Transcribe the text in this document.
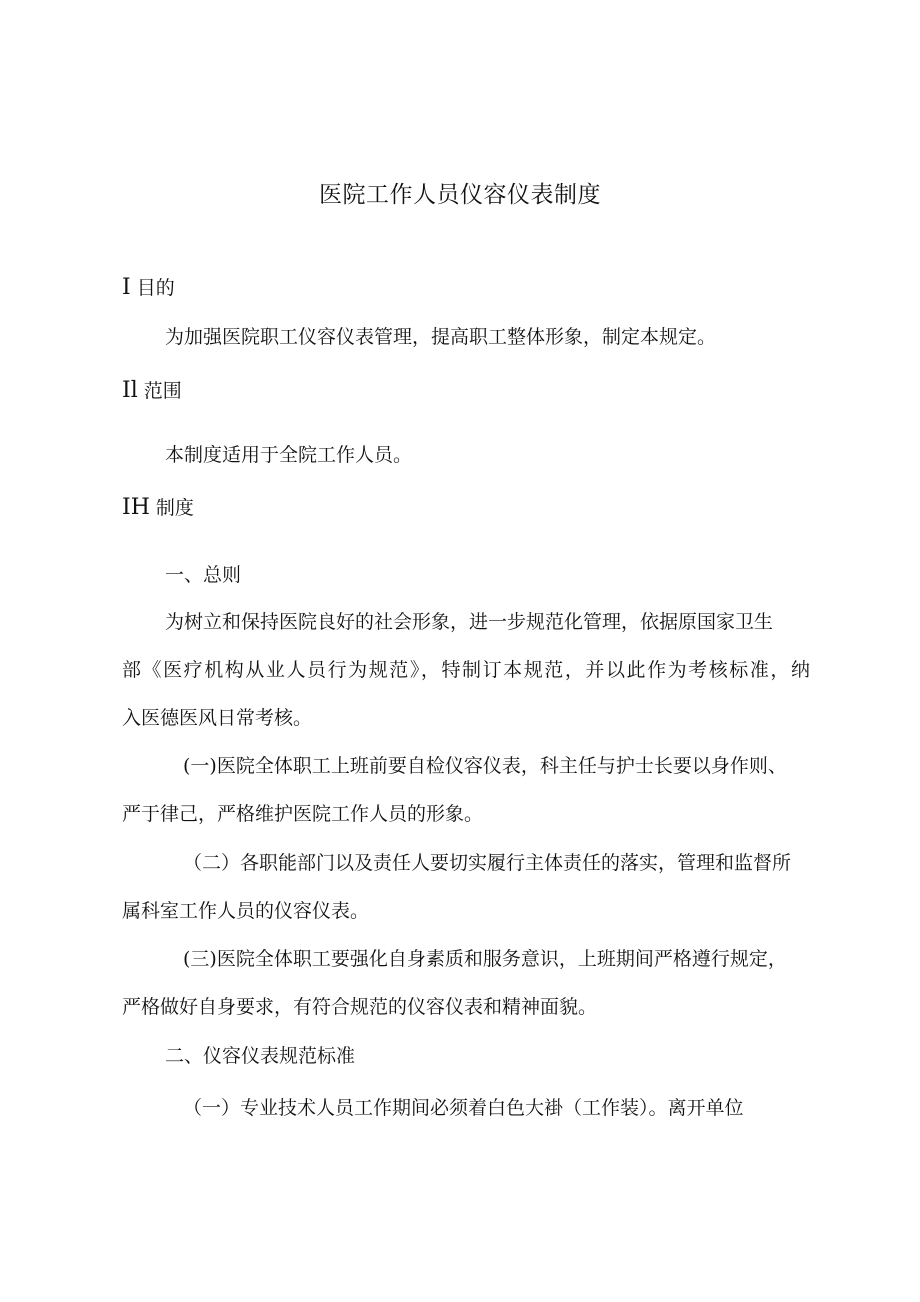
医院工作人员仪容仪表制度
I 目的
为加强医院职工仪容仪表管理，提高职工整体形象，制定本规定。
Il 范围
本制度适用于全院工作人员。
IH 制度
一、总则
为树立和保持医院良好的社会形象，进一步规范化管理，依据原国家卫生
部《医疗机构从业人员行为规范》，特制订本规范，并以此作为考核标准，纳
入医德医风日常考核。
(一)医院全体职工上班前要自检仪容仪表，科主任与护士长要以身作则、
严于律己，严格维护医院工作人员的形象。
（二）各职能部门以及责任人要切实履行主体责任的落实，管理和监督所
属科室工作人员的仪容仪表。
(三)医院全体职工要强化自身素质和服务意识，上班期间严格遵行规定，
严格做好自身要求，有符合规范的仪容仪表和精神面貌。
二、仪容仪表规范标准
（一）专业技术人员工作期间必须着白色大褂（工作装）。离开单位
